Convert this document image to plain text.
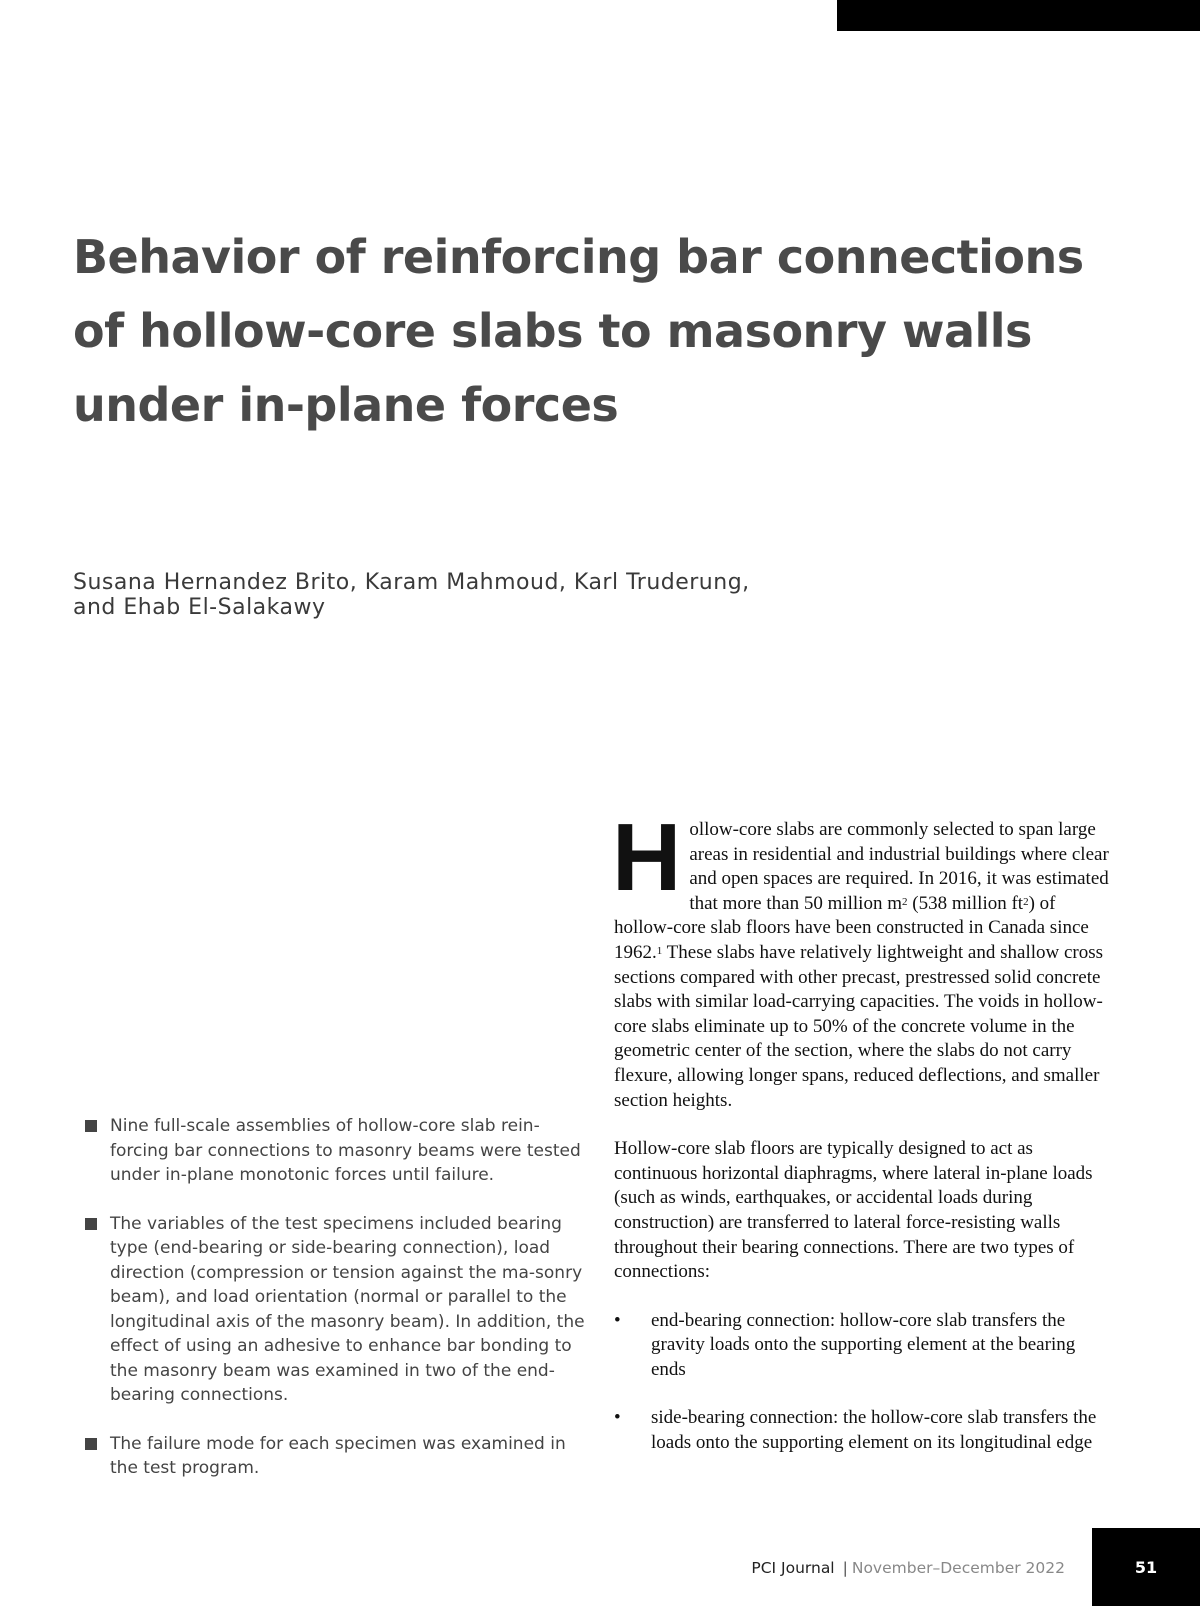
Behavior of reinforcing bar connections
of hollow-core slabs to masonry walls
under in-plane forces
Susana Hernandez Brito, Karam Mahmoud, Karl Truderung,
and Ehab El-Salakawy
Nine full-scale assemblies of hollow-core slab rein-forcing bar connections to masonry beams were tested under in-plane monotonic forces until failure.
The variables of the test specimens included bearing type (end-bearing or side-bearing connection), load direction (compression or tension against the ma-sonry beam), and load orientation (normal or parallel to the longitudinal axis of the masonry beam). In addition, the effect of using an adhesive to enhance bar bonding to the masonry beam was examined in two of the end-bearing connections.
The failure mode for each specimen was examined in the test program.

Hollow-core slabs are commonly selected to span large areas in residential and industrial buildings where clear and open spaces are required. In 2016, it was estimated that more than 50 million $m^2$ (538 million $ft^2$) of hollow-core slab floors have been constructed in Canada since 1962.$^1$ These slabs have relatively lightweight and shallow cross sections compared with other precast, prestressed solid concrete slabs with similar load-carrying capacities. The voids in hollow-core slabs eliminate up to 50% of the concrete volume in the geometric center of the section, where the slabs do not carry flexure, allowing longer spans, reduced deflections, and smaller section heights.

Hollow-core slab floors are typically designed to act as continuous horizontal diaphragms, where lateral in-plane loads (such as winds, earthquakes, or accidental loads during construction) are transferred to lateral force-resisting walls throughout their bearing connections. There are two types of connections:

• end-bearing connection: hollow-core slab transfers the gravity loads onto the supporting element at the bearing ends
• side-bearing connection: the hollow-core slab transfers the loads onto the supporting element on its longitudinal edge
PCI Journal | November–December 2022	51
